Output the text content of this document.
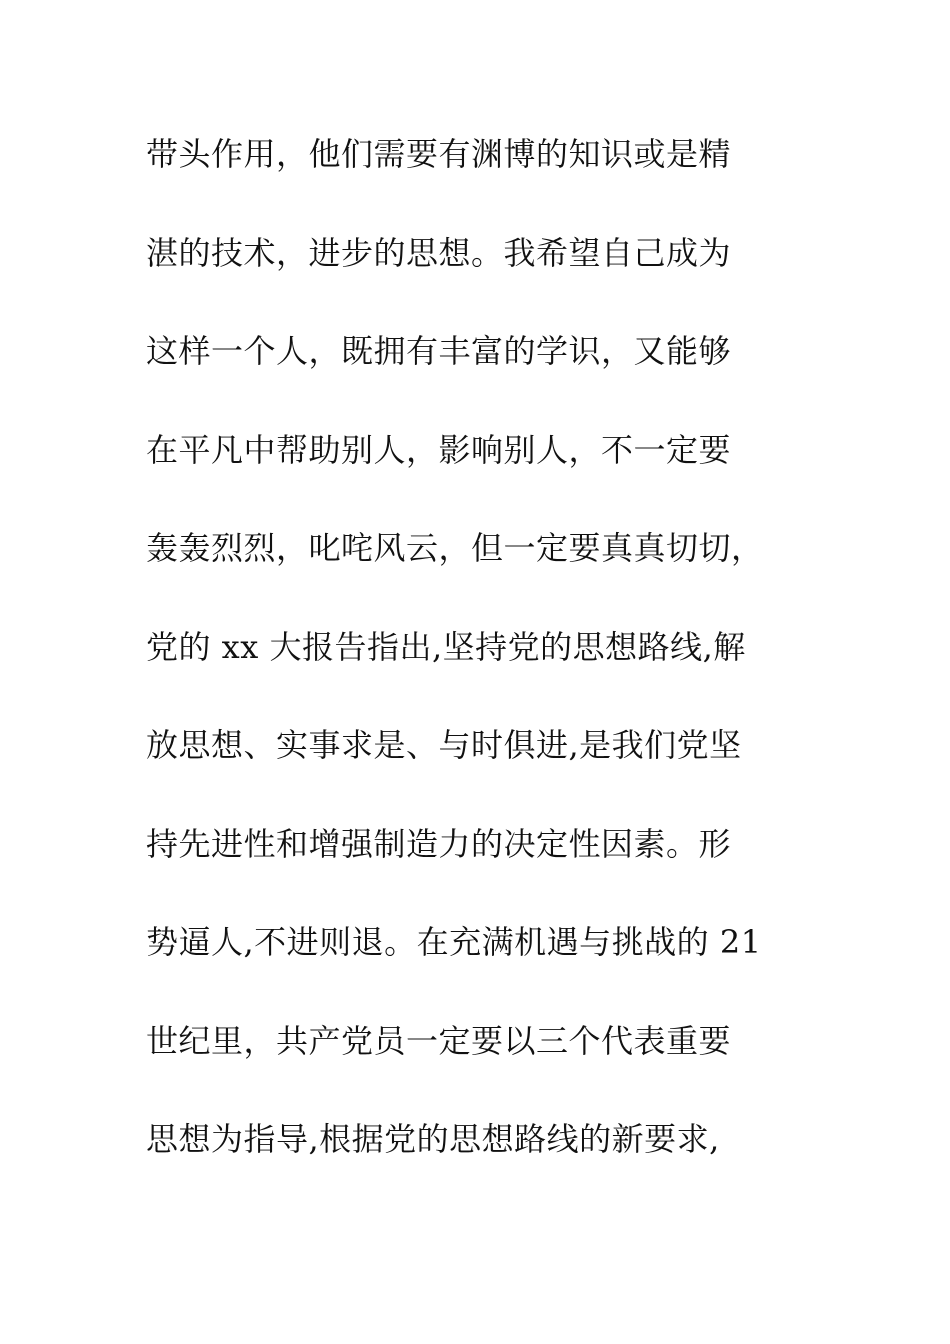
带头作用，他们需要有渊博的知识或是精
湛的技术，进步的思想。我希望自己成为
这样一个人，既拥有丰富的学识，又能够
在平凡中帮助别人，影响别人，不一定要
轰轰烈烈，叱咤风云，但一定要真真切切，
党的 xx 大报告指出,坚持党的思想路线,解
放思想、实事求是、与时俱进,是我们党坚
持先进性和增强制造力的决定性因素。形
势逼人,不进则退。在充满机遇与挑战的 21
世纪里，共产党员一定要以三个代表重要
思想为指导,根据党的思想路线的新要求,
